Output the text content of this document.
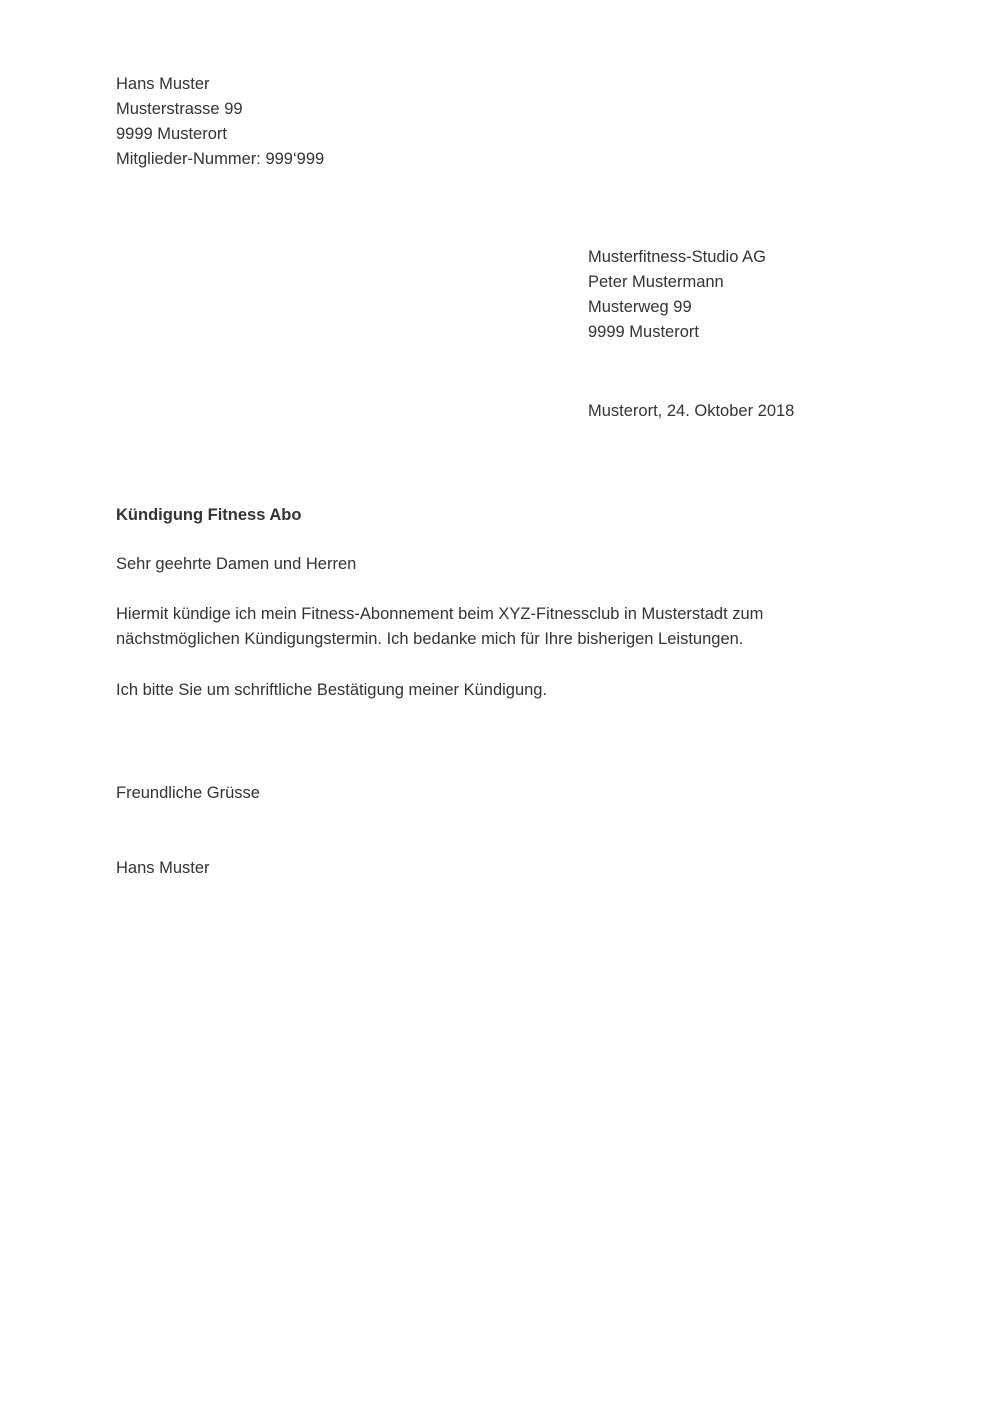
Hans Muster
Musterstrasse 99
9999 Musterort
Mitglieder-Nummer: 999‘999
Musterfitness-Studio AG
Peter Mustermann
Musterweg 99
9999 Musterort
Musterort, 24. Oktober 2018
Kündigung Fitness Abo
Sehr geehrte Damen und Herren
Hiermit kündige ich mein Fitness-Abonnement beim XYZ-Fitnessclub in Musterstadt zum nächstmöglichen Kündigungstermin. Ich bedanke mich für Ihre bisherigen Leistungen.
Ich bitte Sie um schriftliche Bestätigung meiner Kündigung.
Freundliche Grüsse
Hans Muster
